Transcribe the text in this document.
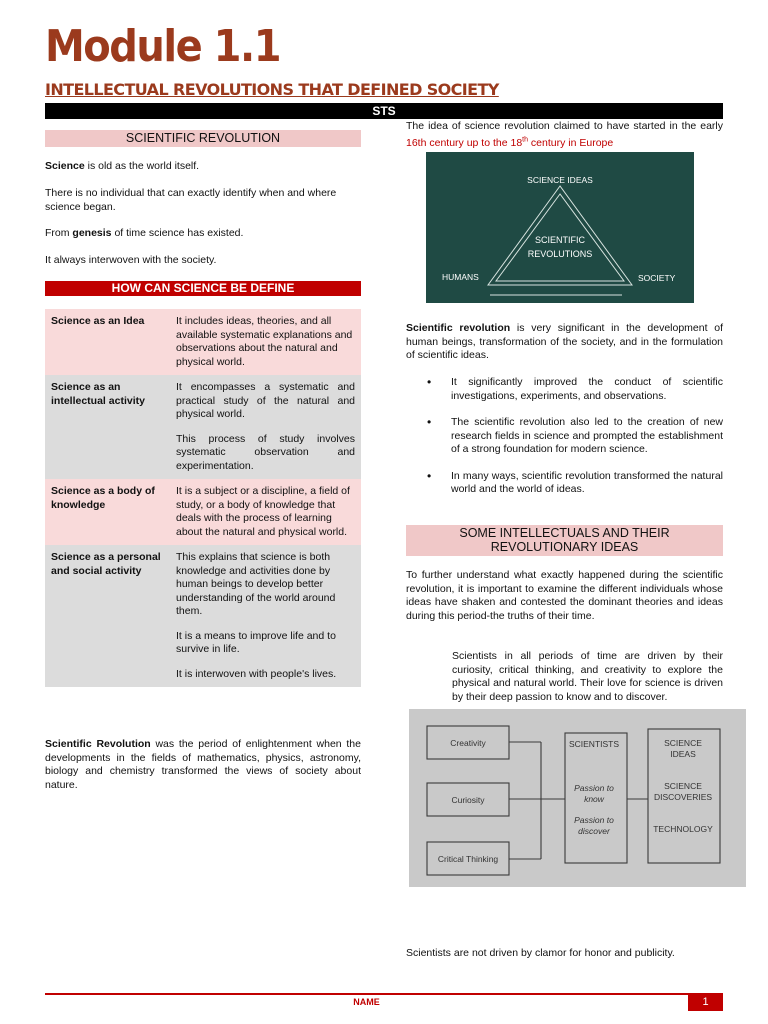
Module 1.1
INTELLECTUAL REVOLUTIONS THAT DEFINED SOCIETY
STS
SCIENTIFIC REVOLUTION
Science is old as the world itself.
There is no individual that can exactly identify when and where science began.
From genesis of time science has existed.
It always interwoven with the society.
HOW CAN SCIENCE BE DEFINE
Science as an Idea	It includes ideas, theories, and all available systematic explanations and observations about the natural and physical world.

Science as an intellectual activity	It encompasses a systematic and practical study of the natural and physical world.

This process of study involves systematic observation and experimentation.

Science as a body of knowledge	It is a subject or a discipline, a field of study, or a body of knowledge that deals with the process of learning about the natural and physical world.

Science as a personal and social activity	This explains that science is both knowledge and activities done by human beings to develop better understanding of the world around them.

It is a means to improve life and to survive in life.

It is interwoven with people's lives.

Scientific Revolution was the period of enlightenment when the developments in the fields of mathematics, physics, astronomy, biology and chemistry transformed the views of society about nature.
The idea of science revolution claimed to have started in the early 16th century up to the 18th century in Europe
SCIENCE IDEAS
SCIENTIFIC
REVOLUTIONS
HUMANS	SOCIETY
Scientific revolution is very significant in the development of human beings, transformation of the society, and in the formulation of scientific ideas.
• It significantly improved the conduct of scientific investigations, experiments, and observations.
• The scientific revolution also led to the creation of new research fields in science and prompted the establishment of a strong foundation for modern science.
• In many ways, scientific revolution transformed the natural world and the world of ideas.
SOME INTELLECTUALS AND THEIR
REVOLUTIONARY IDEAS
To further understand what exactly happened during the scientific revolution, it is important to examine the different individuals whose ideas have shaken and contested the dominant theories and ideas during this period-the truths of their time.
Scientists in all periods of time are driven by their curiosity, critical thinking, and creativity to explore the physical and natural world. Their love for science is driven by their deep passion to know and to discover.
Creativity
Curiosity
Critical Thinking
SCIENTISTS
Passion to
know
Passion to
discover
SCIENCE
IDEAS
SCIENCE
DISCOVERIES
TECHNOLOGY
Scientists are not driven by clamor for honor and publicity.
NAME	1
